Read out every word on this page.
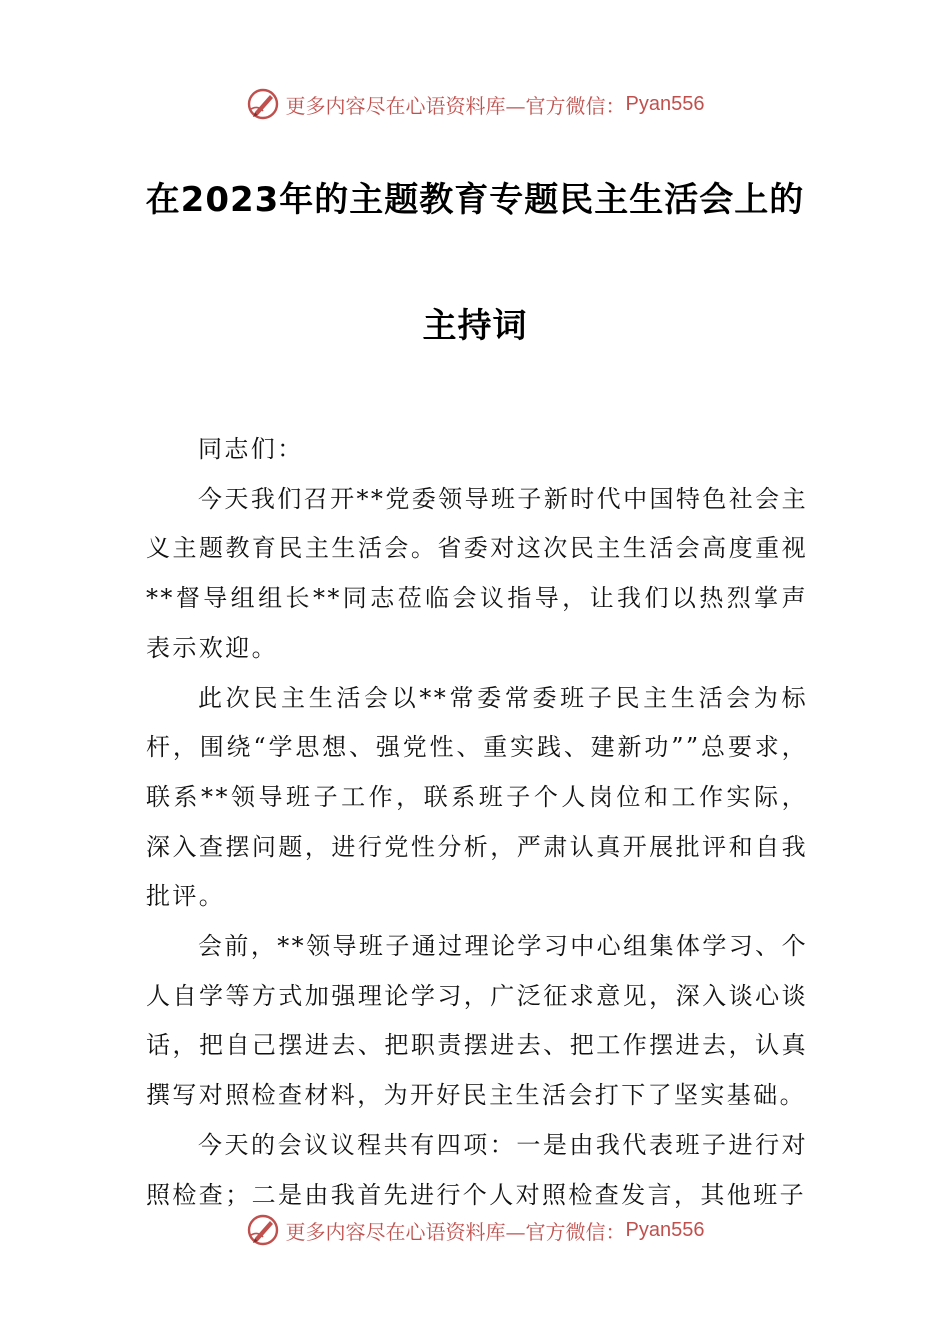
更多内容尽在心语资料库—官方微信： Pyan556
在2023年的主题教育专题民主生活会上的
主持词

同志们：

今天我们召开**党委领导班子新时代中国特色社会主义主题教育民主生活会。省委对这次民主生活会高度重视**督导组组长**同志莅临会议指导，让我们以热烈掌声表示欢迎。

此次民主生活会以**常委常委班子民主生活会为标杆，围绕“学思想、强党性、重实践、建新功””总要求，联系**领导班子工作，联系班子个人岗位和工作实际，深入查摆问题，进行党性分析，严肃认真开展批评和自我批评。

会前，**领导班子通过理论学习中心组集体学习、个人自学等方式加强理论学习，广泛征求意见，深入谈心谈话，把自己摆进去、把职责摆进去、把工作摆进去，认真撰写对照检查材料，为开好民主生活会打下了坚实基础。

今天的会议议程共有四项：一是由我代表班子进行对照检查；二是由我首先进行个人对照检查发言，其他班子

更多内容尽在心语资料库—官方微信： Pyan556
